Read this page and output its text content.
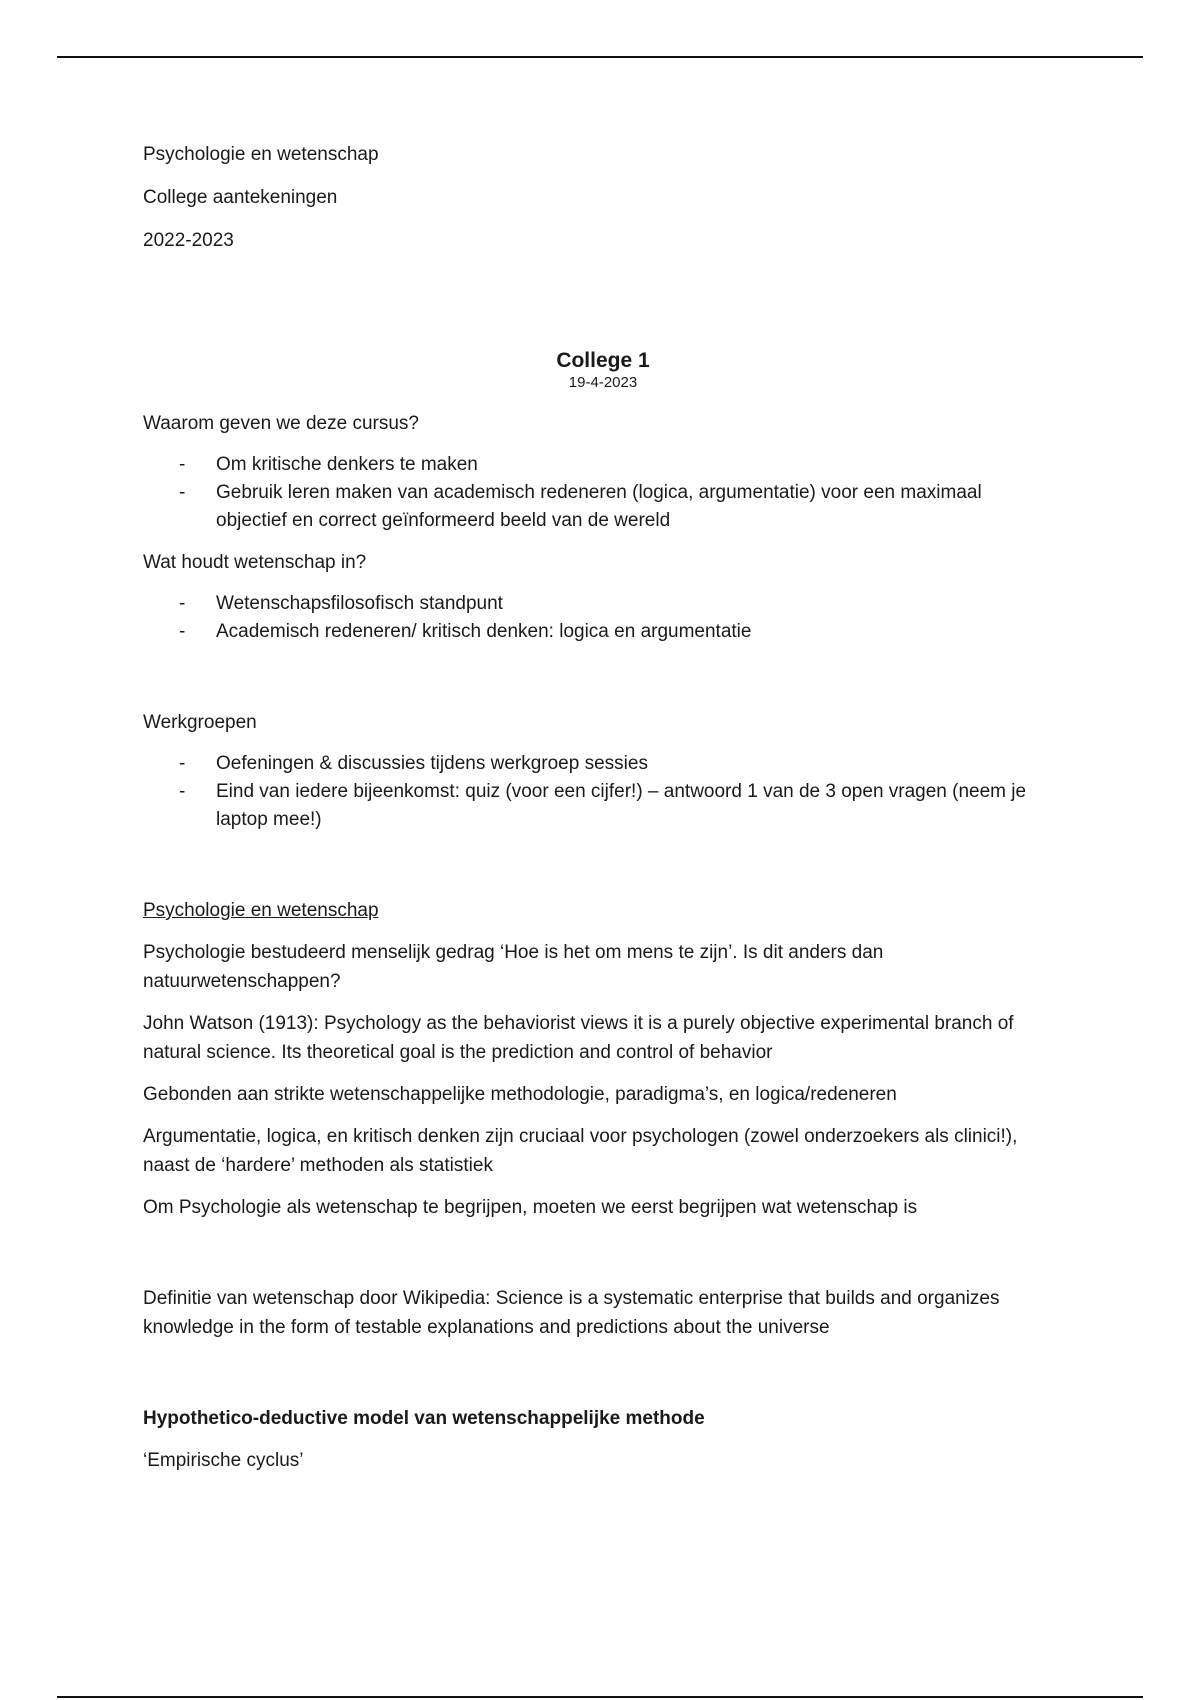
Psychologie en wetenschap

College aantekeningen

2022-2023

College 1
19-4-2023

Waarom geven we deze cursus?

- Om kritische denkers te maken
- Gebruik leren maken van academisch redeneren (logica, argumentatie) voor een maximaal objectief en correct geïnformeerd beeld van de wereld

Wat houdt wetenschap in?

- Wetenschapsfilosofisch standpunt
- Academisch redeneren/ kritisch denken: logica en argumentatie

Werkgroepen

- Oefeningen & discussies tijdens werkgroep sessies
- Eind van iedere bijeenkomst: quiz (voor een cijfer!) – antwoord 1 van de 3 open vragen (neem je laptop mee!)

Psychologie en wetenschap

Psychologie bestudeerd menselijk gedrag ‘Hoe is het om mens te zijn’. Is dit anders dan natuurwetenschappen?

John Watson (1913): Psychology as the behaviorist views it is a purely objective experimental branch of natural science. Its theoretical goal is the prediction and control of behavior

Gebonden aan strikte wetenschappelijke methodologie, paradigma’s, en logica/redeneren

Argumentatie, logica, en kritisch denken zijn cruciaal voor psychologen (zowel onderzoekers als clinici!), naast de ‘hardere’ methoden als statistiek

Om Psychologie als wetenschap te begrijpen, moeten we eerst begrijpen wat wetenschap is

Definitie van wetenschap door Wikipedia: Science is a systematic enterprise that builds and organizes knowledge in the form of testable explanations and predictions about the universe

Hypothetico-deductive model van wetenschappelijke methode

‘Empirische cyclus’
